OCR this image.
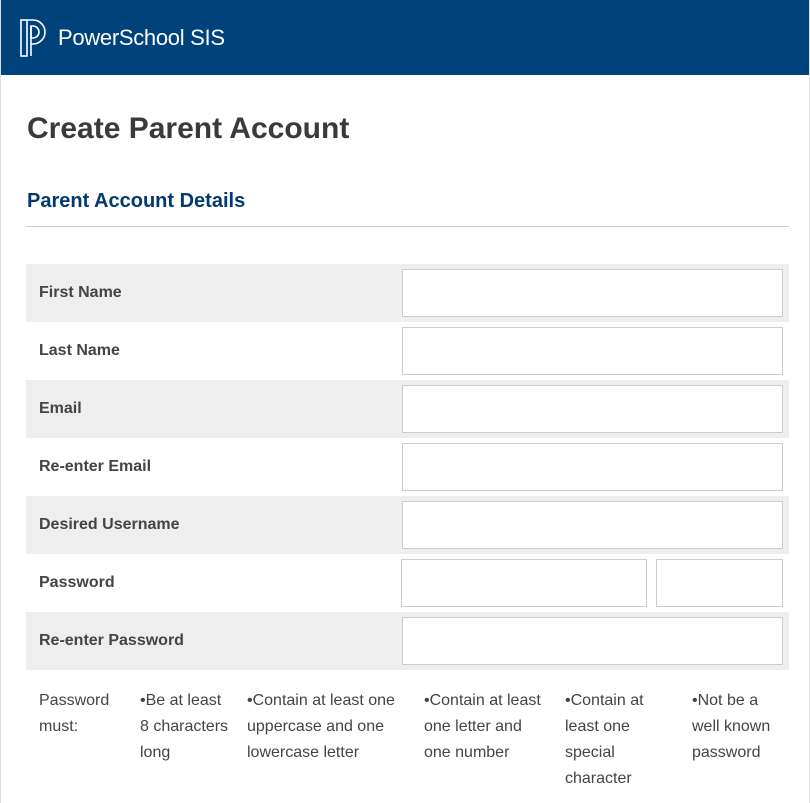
PowerSchool SIS
Create Parent Account
Parent Account Details
First Name
Last Name
Email
Re-enter Email
Desired Username
Password
Re-enter Password
Password must:
•Be at least 8 characters long
•Contain at least one uppercase and one lowercase letter
•Contain at least one letter and one number
•Contain at least one special character
•Not be a well known password
